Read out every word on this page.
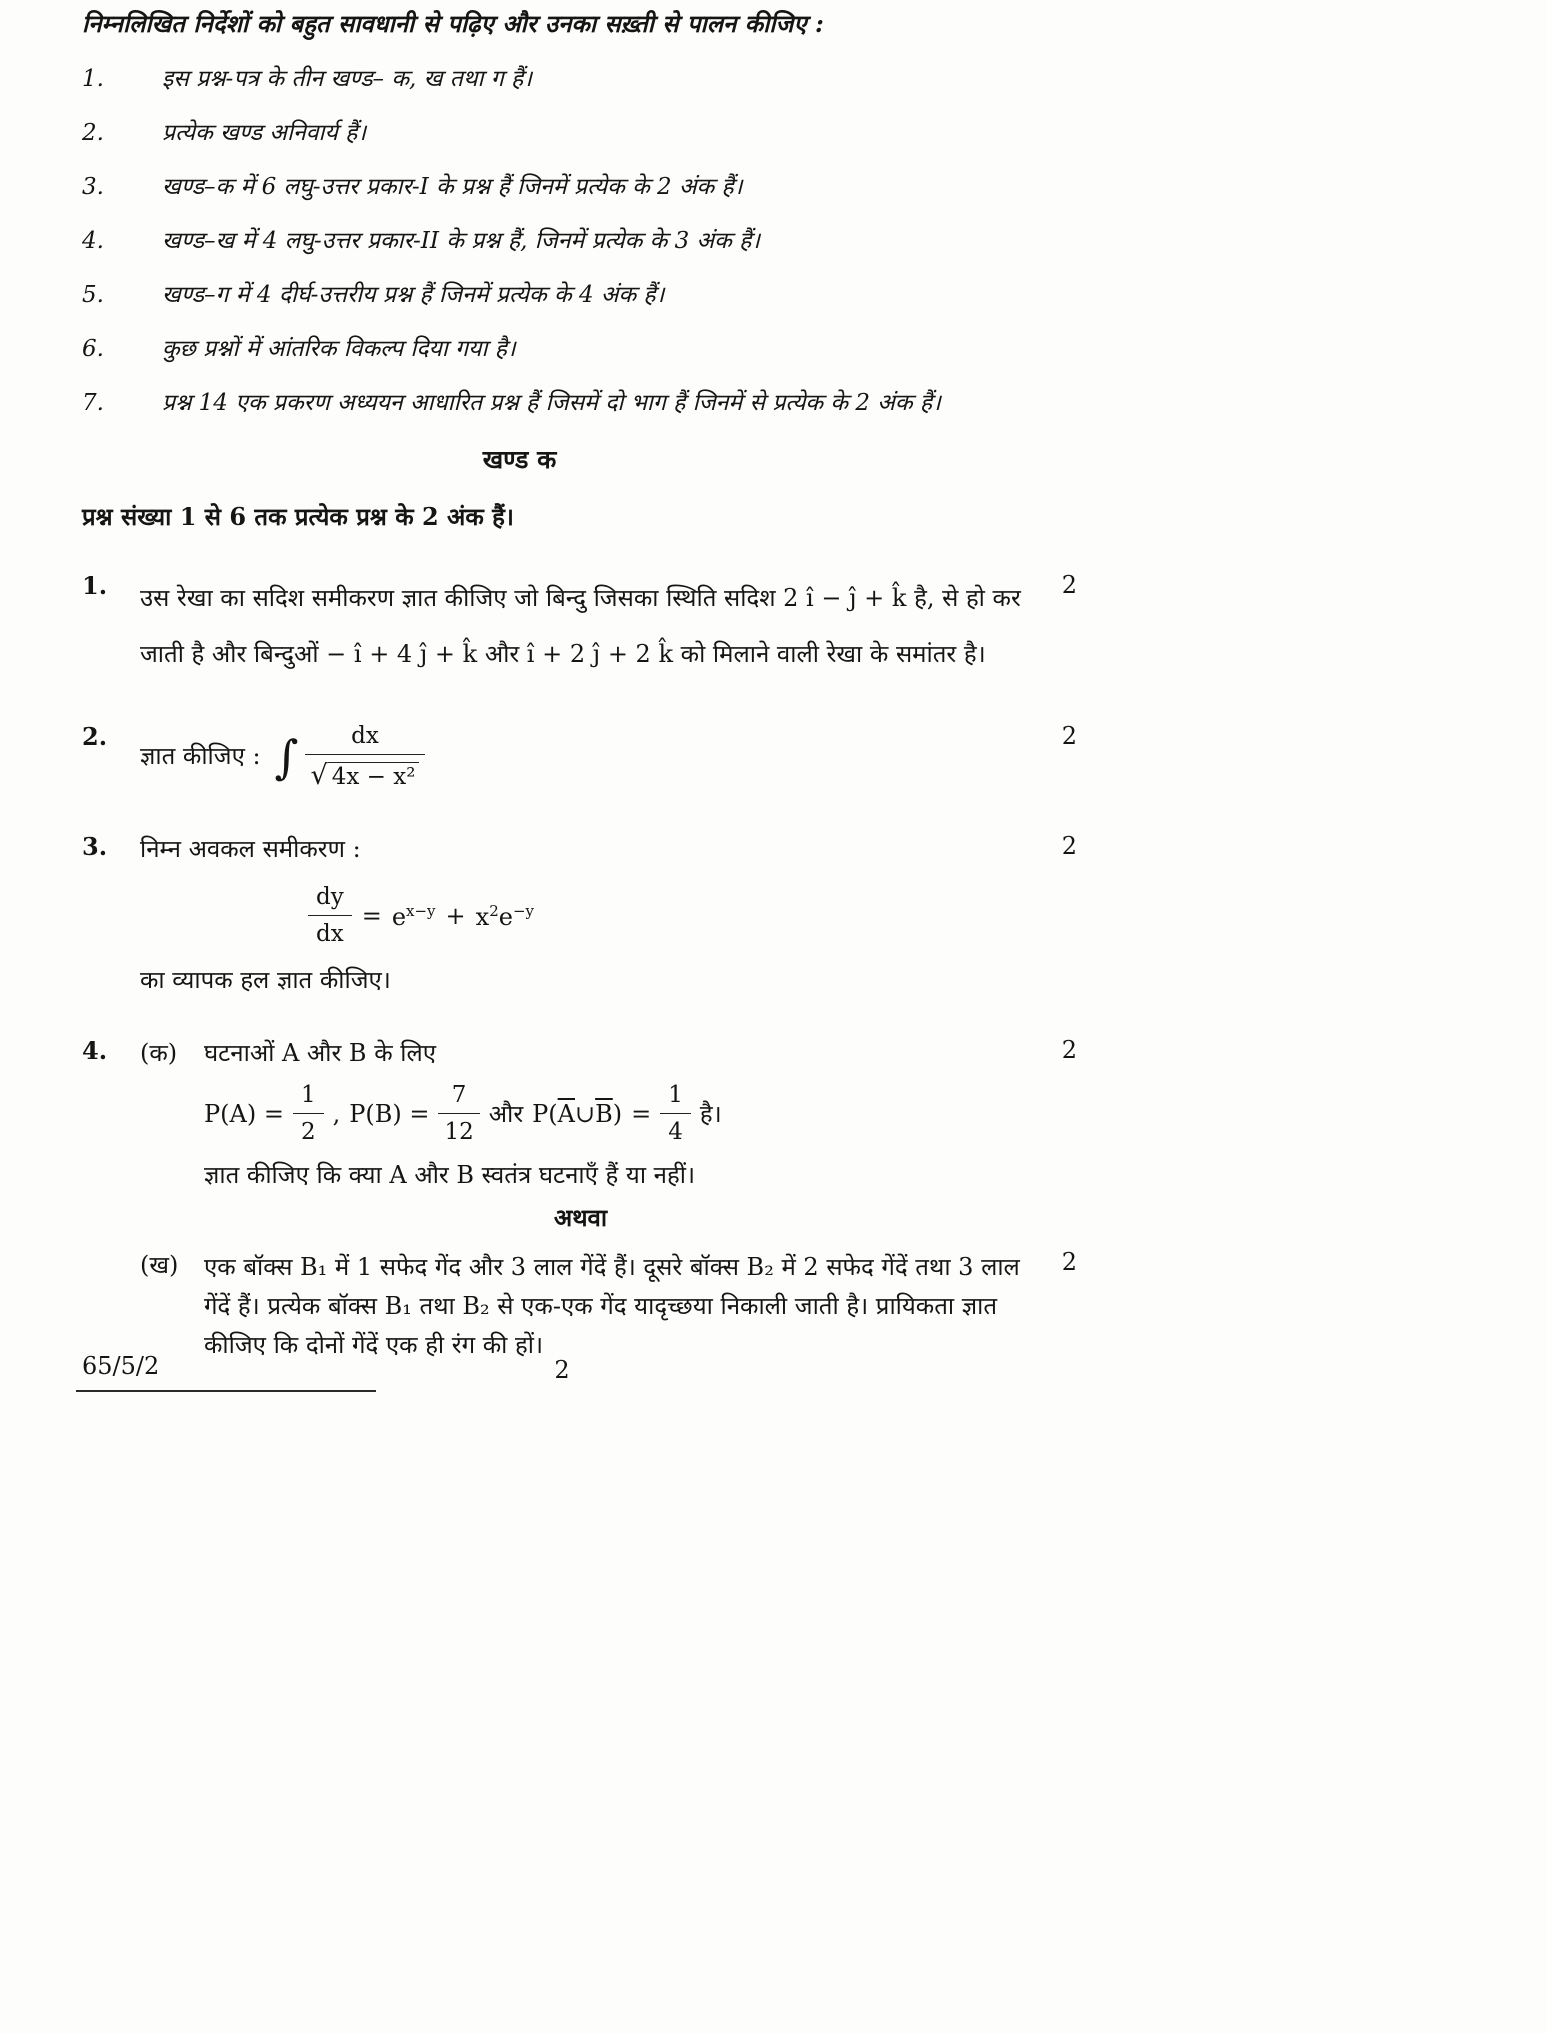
निम्नलिखित निर्देशों को बहुत सावधानी से पढ़िए और उनका सख़्ती से पालन कीजिए :

1.	इस प्रश्न-पत्र के तीन खण्ड– क, ख तथा ग हैं।
2.	प्रत्येक खण्ड अनिवार्य हैं।
3.	खण्ड–क में 6 लघु-उत्तर प्रकार-I के प्रश्न हैं जिनमें प्रत्येक के 2 अंक हैं।
4.	खण्ड–ख में 4 लघु-उत्तर प्रकार-II के प्रश्न हैं, जिनमें प्रत्येक के 3 अंक हैं।
5.	खण्ड–ग में 4 दीर्घ-उत्तरीय प्रश्न हैं जिनमें प्रत्येक के 4 अंक हैं।
6.	कुछ प्रश्नों में आंतरिक विकल्प दिया गया है।
7.	प्रश्न 14 एक प्रकरण अध्ययन आधारित प्रश्न हैं जिसमें दो भाग हैं जिनमें से प्रत्येक के 2 अंक हैं।
खण्ड क

प्रश्न संख्या 1 से 6 तक प्रत्येक प्रश्न के 2 अंक हैं।

1.	उस रेखा का सदिश समीकरण ज्ञात कीजिए जो बिन्दु जिसका स्थिति सदिश 2 î − ĵ + k̂ है, से हो कर जाती है और बिन्दुओं − î + 4 ĵ + k̂ और î + 2 ĵ + 2 k̂ को मिलाने वाली रेखा के समांतर है।
2
2.
ज्ञात कीजिए : ∫ $\frac{dx}{\text{√ 4x − x²}}$	2
3.	निम्न अवकल समीकरण :

$\frac{dy}{dx} = e^{x-y} + x^2e^{-y}$

का व्यापक हल ज्ञात कीजिए।

2
4.	(क)	घटनाओं A और B के लिए

$P(A) = \frac{1}{2}$ , $P(B) = \frac{7}{12}$ और $P(\overline{A}\cup\overline{B}) = \frac{1}{4}$ है।

ज्ञात कीजिए कि क्या A और B स्वतंत्र घटनाएँ हैं या नहीं।

2
अथवा
(ख)	एक बॉक्स B₁ में 1 सफेद गेंद और 3 लाल गेंदें हैं। दूसरे बॉक्स B₂ में 2 सफेद गेंदें तथा 3 लाल गेंदें हैं। प्रत्येक बॉक्स B₁ तथा B₂ से एक-एक गेंद यादृच्छया निकाली जाती है। प्रायिकता ज्ञात कीजिए कि दोनों गेंदें एक ही रंग की हों।
2
65/5/2	2
